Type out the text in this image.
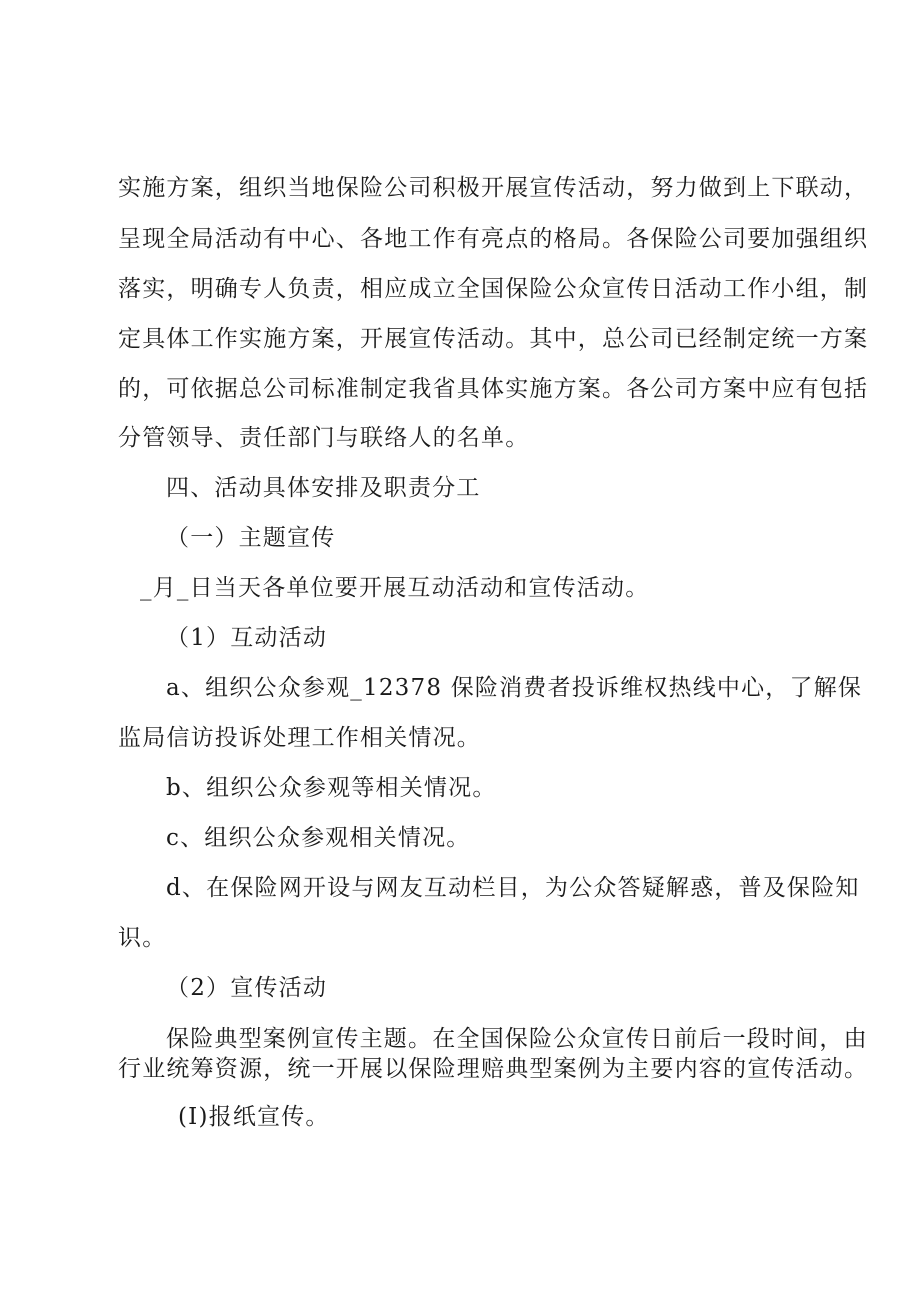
实施方案，组织当地保险公司积极开展宣传活动，努力做到上下联动，
呈现全局活动有中心、各地工作有亮点的格局。各保险公司要加强组织
落实，明确专人负责，相应成立全国保险公众宣传日活动工作小组，制
定具体工作实施方案，开展宣传活动。其中，总公司已经制定统一方案
的，可依据总公司标准制定我省具体实施方案。各公司方案中应有包括
分管领导、责任部门与联络人的名单。
四、活动具体安排及职责分工
（一）主题宣传
_月_日当天各单位要开展互动活动和宣传活动。
（1）互动活动
a、组织公众参观_12378 保险消费者投诉维权热线中心，了解保
监局信访投诉处理工作相关情况。
b、组织公众参观等相关情况。
c、组织公众参观相关情况。
d、在保险网开设与网友互动栏目，为公众答疑解惑，普及保险知
识。
（2）宣传活动
保险典型案例宣传主题。在全国保险公众宣传日前后一段时间，由
行业统筹资源，统一开展以保险理赔典型案例为主要内容的宣传活动。
(I)报纸宣传。
